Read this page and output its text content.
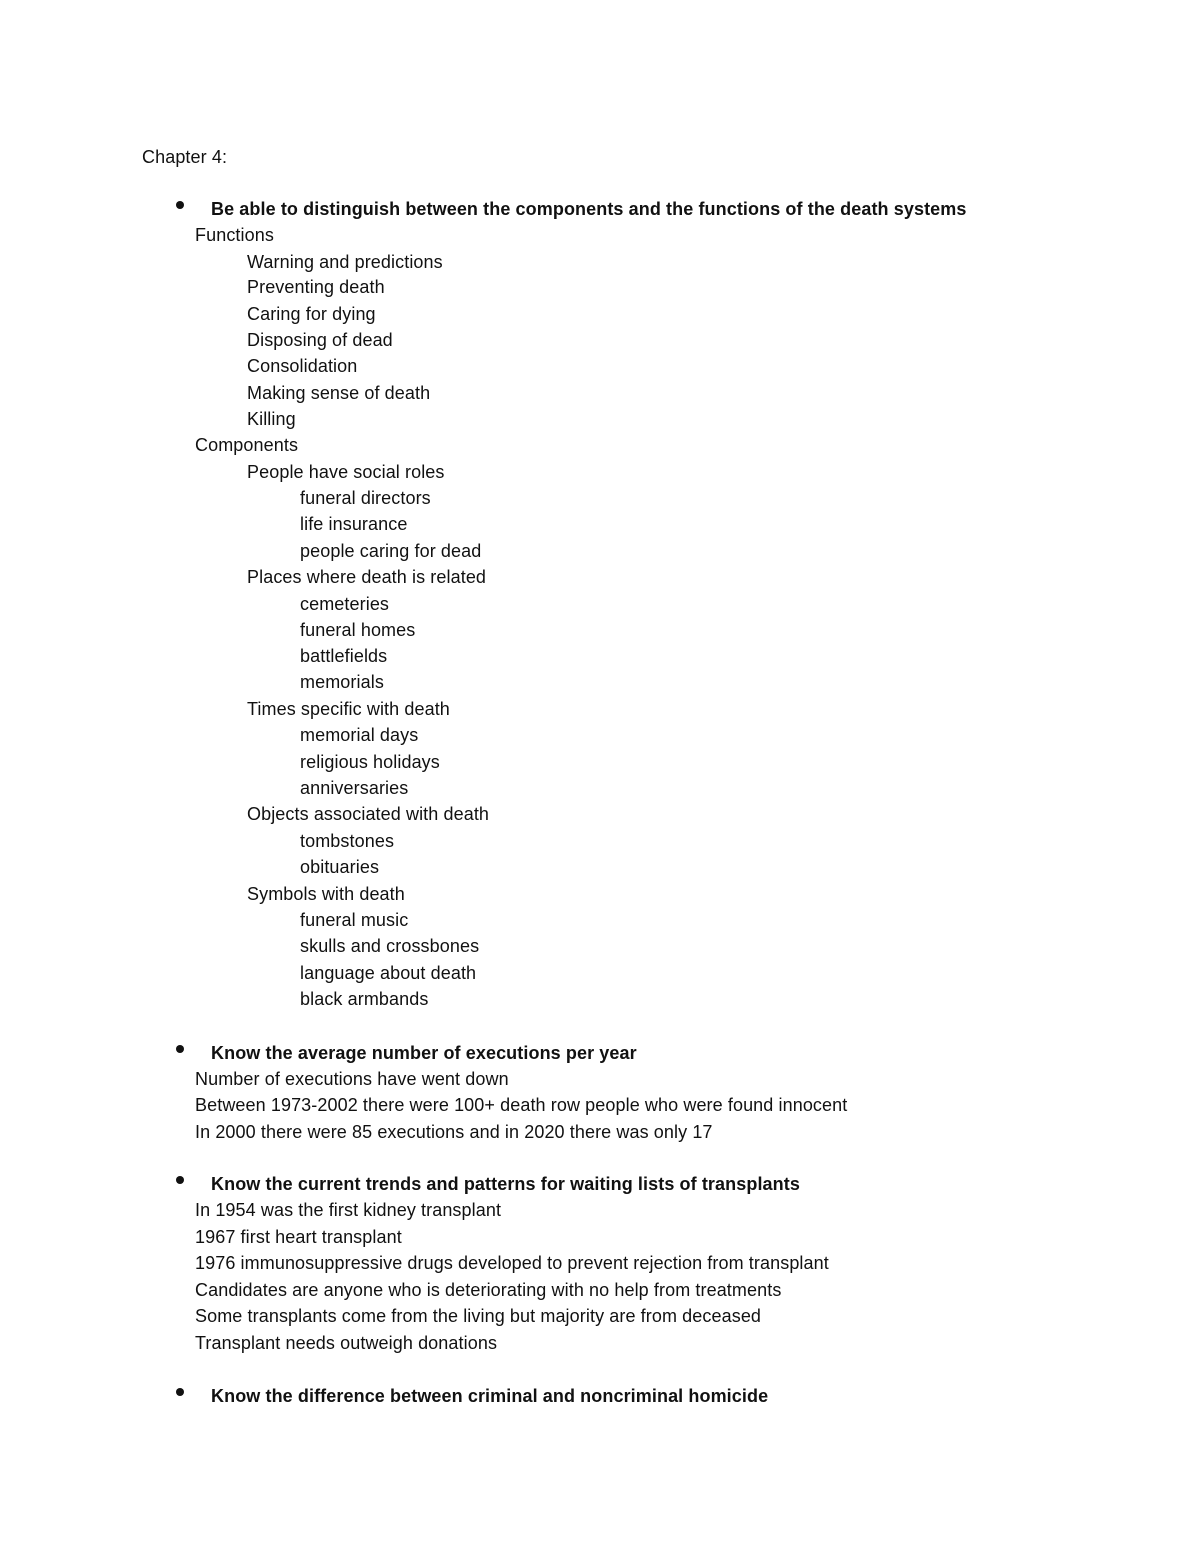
Chapter 4:
Be able to distinguish between the components and the functions of the death systems
Functions
Warning and predictions
Preventing death
Caring for dying
Disposing of dead
Consolidation
Making sense of death
Killing
Components
People have social roles
funeral directors
life insurance
people caring for dead
Places where death is related
cemeteries
funeral homes
battlefields
memorials
Times specific with death
memorial days
religious holidays
anniversaries
Objects associated with death
tombstones
obituaries
Symbols with death
funeral music
skulls and crossbones
language about death
black armbands
Know the average number of executions per year
Number of executions have went down
Between 1973-2002 there were 100+ death row people who were found innocent
In 2000 there were 85 executions and in 2020 there was only 17
Know the current trends and patterns for waiting lists of transplants
In 1954 was the first kidney transplant
1967 first heart transplant
1976 immunosuppressive drugs developed to prevent rejection from transplant
Candidates are anyone who is deteriorating with no help from treatments
Some transplants come from the living but majority are from deceased
Transplant needs outweigh donations
Know the difference between criminal and noncriminal homicide
